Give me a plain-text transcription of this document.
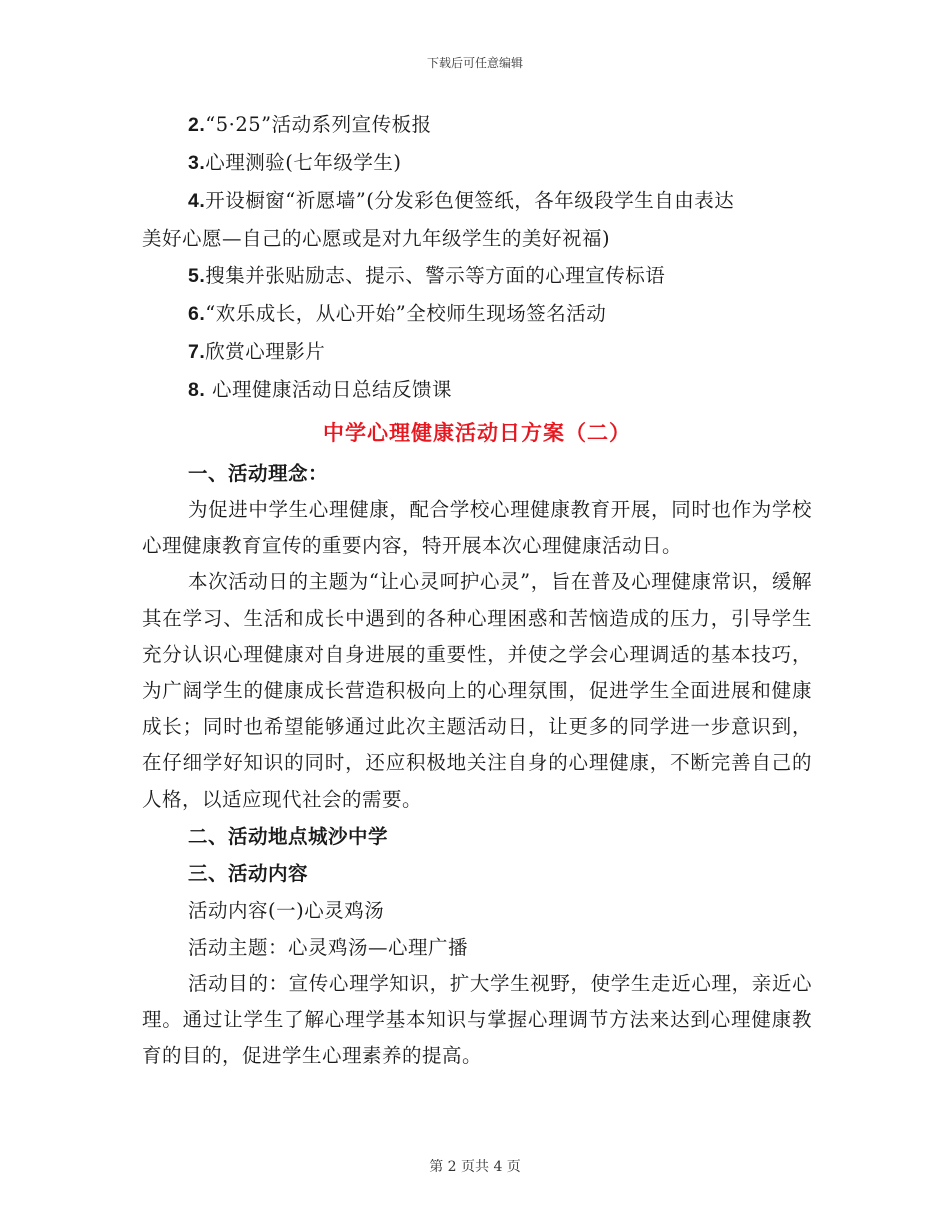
下载后可任意编辑
2.“5·25”活动系列宣传板报
3.心理测验(七年级学生)
4.开设橱窗“祈愿墙”(分发彩色便签纸，各年级段学生自由表达
美好心愿—自己的心愿或是对九年级学生的美好祝福)
5.搜集并张贴励志、提示、警示等方面的心理宣传标语
6.“欢乐成长，从心开始”全校师生现场签名活动
7.欣赏心理影片
8. 心理健康活动日总结反馈课
中学心理健康活动日方案（二）
一、活动理念：

为促进中学生心理健康，配合学校心理健康教育开展，同时也作为学校心理健康教育宣传的重要内容，特开展本次心理健康活动日。

本次活动日的主题为“让心灵呵护心灵”，旨在普及心理健康常识，缓解其在学习、生活和成长中遇到的各种心理困惑和苦恼造成的压力，引导学生充分认识心理健康对自身进展的重要性，并使之学会心理调适的基本技巧，为广阔学生的健康成长营造积极向上的心理氛围，促进学生全面进展和健康成长；同时也希望能够通过此次主题活动日，让更多的同学进一步意识到，在仔细学好知识的同时，还应积极地关注自身的心理健康，不断完善自己的人格，以适应现代社会的需要。

二、活动地点城沙中学
三、活动内容
活动内容(一)心灵鸡汤
活动主题：心灵鸡汤—心理广播

活动目的：宣传心理学知识，扩大学生视野，使学生走近心理，亲近心理。通过让学生了解心理学基本知识与掌握心理调节方法来达到心理健康教育的目的，促进学生心理素养的提高。

第 2 页共 4 页
